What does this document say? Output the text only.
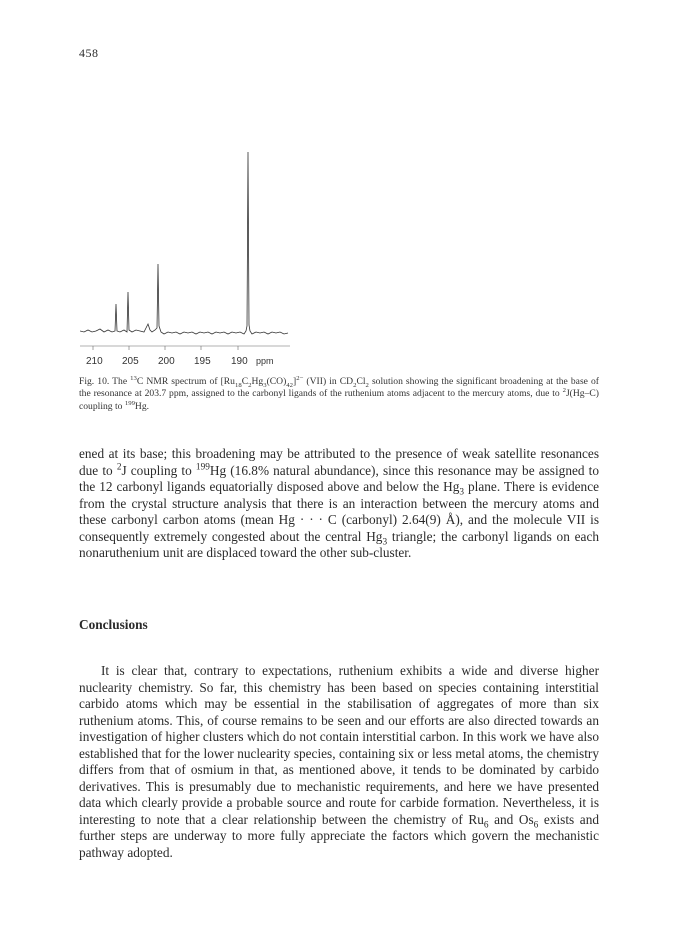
458
210 205 200 195 190 ppm

Fig. 10. The $^{13}$C NMR spectrum of $[Ru_{18}C_2Hg_3(CO)_{42}]^{2-}$ (VII) in $CD_2Cl_2$ solution showing the significant broadening at the base of the resonance at 203.7 ppm, assigned to the carbonyl ligands of the ruthenium atoms adjacent to the mercury atoms, due to $^2$J(Hg–C) coupling to $^{199}$Hg.

ened at its base; this broadening may be attributed to the presence of weak satellite resonances due to $^2$J coupling to $^{199}$Hg (16.8% natural abundance), since this resonance may be assigned to the 12 carbonyl ligands equatorially disposed above and below the $Hg_3$ plane. There is evidence from the crystal structure analysis that there is an interaction between the mercury atoms and these carbonyl carbon atoms (mean Hg · · · C (carbonyl) 2.64(9) Å), and the molecule VII is consequently extremely congested about the central $Hg_3$ triangle; the carbonyl ligands on each nonaruthenium unit are displaced toward the other sub-cluster.

Conclusions

It is clear that, contrary to expectations, ruthenium exhibits a wide and diverse higher nuclearity chemistry. So far, this chemistry has been based on species containing interstitial carbido atoms which may be essential in the stabilisation of aggregates of more than six ruthenium atoms. This, of course remains to be seen and our efforts are also directed towards an investigation of higher clusters which do not contain interstitial carbon. In this work we have also established that for the lower nuclearity species, containing six or less metal atoms, the chemistry differs from that of osmium in that, as mentioned above, it tends to be dominated by carbido derivatives. This is presumably due to mechanistic requirements, and here we have presented data which clearly provide a probable source and route for carbide formation. Nevertheless, it is interesting to note that a clear relationship between the chemistry of $Ru_6$ and $Os_6$ exists and further steps are underway to more fully appreciate the factors which govern the mechanistic pathway adopted.
